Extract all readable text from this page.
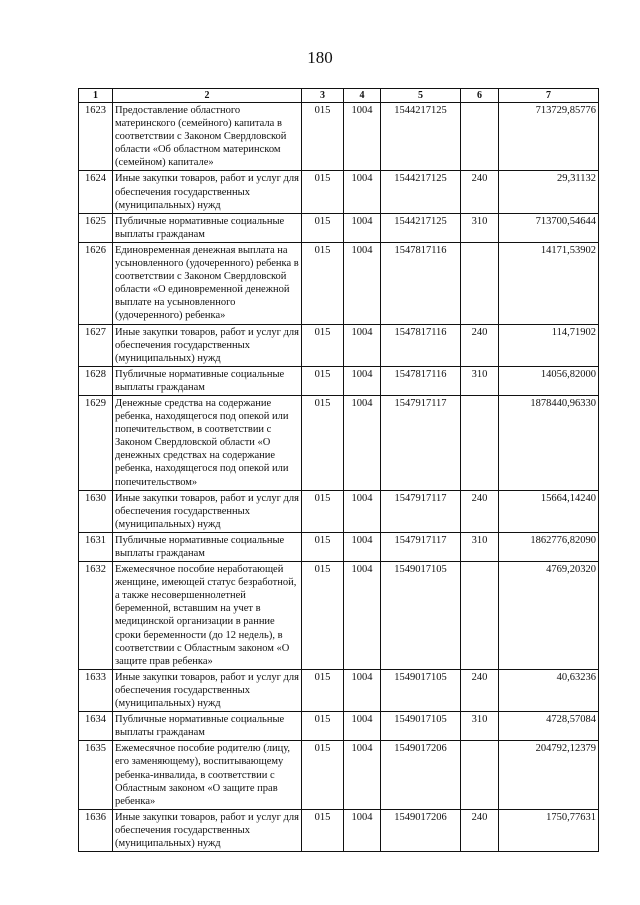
180
1	2	3	4	5	6	7
1623	Предоставление областного материнского (семейного) капитала в соответствии с Законом Свердловской области «Об областном материнском (семейном) капитале»	015	1004	1544217125		713729,85776
1624	Иные закупки товаров, работ и услуг для обеспечения государственных (муниципальных) нужд	015	1004	1544217125	240	29,31132
1625	Публичные нормативные социальные выплаты гражданам	015	1004	1544217125	310	713700,54644
1626	Единовременная денежная выплата на усыновленного (удочеренного) ребенка в соответствии с Законом Свердловской области «О единовременной денежной выплате на усыновленного (удочеренного) ребенка»	015	1004	1547817116		14171,53902
1627	Иные закупки товаров, работ и услуг для обеспечения государственных (муниципальных) нужд	015	1004	1547817116	240	114,71902
1628	Публичные нормативные социальные выплаты гражданам	015	1004	1547817116	310	14056,82000
1629	Денежные средства на содержание ребенка, находящегося под опекой или попечительством, в соответствии с Законом Свердловской области «О денежных средствах на содержание ребенка, находящегося под опекой или попечительством»	015	1004	1547917117		1878440,96330
1630	Иные закупки товаров, работ и услуг для обеспечения государственных (муниципальных) нужд	015	1004	1547917117	240	15664,14240
1631	Публичные нормативные социальные выплаты гражданам	015	1004	1547917117	310	1862776,82090
1632	Ежемесячное пособие неработающей женщине, имеющей статус безработной, а также несовершеннолетней беременной, вставшим на учет в медицинской организации в ранние сроки беременности (до 12 недель), в соответствии с Областным законом «О защите прав ребенка»	015	1004	1549017105		4769,20320
1633	Иные закупки товаров, работ и услуг для обеспечения государственных (муниципальных) нужд	015	1004	1549017105	240	40,63236
1634	Публичные нормативные социальные выплаты гражданам	015	1004	1549017105	310	4728,57084
1635	Ежемесячное пособие родителю (лицу, его заменяющему), воспитывающему ребенка-инвалида, в соответствии с Областным законом «О защите прав ребенка»	015	1004	1549017206		204792,12379
1636	Иные закупки товаров, работ и услуг для обеспечения государственных (муниципальных) нужд	015	1004	1549017206	240	1750,77631
